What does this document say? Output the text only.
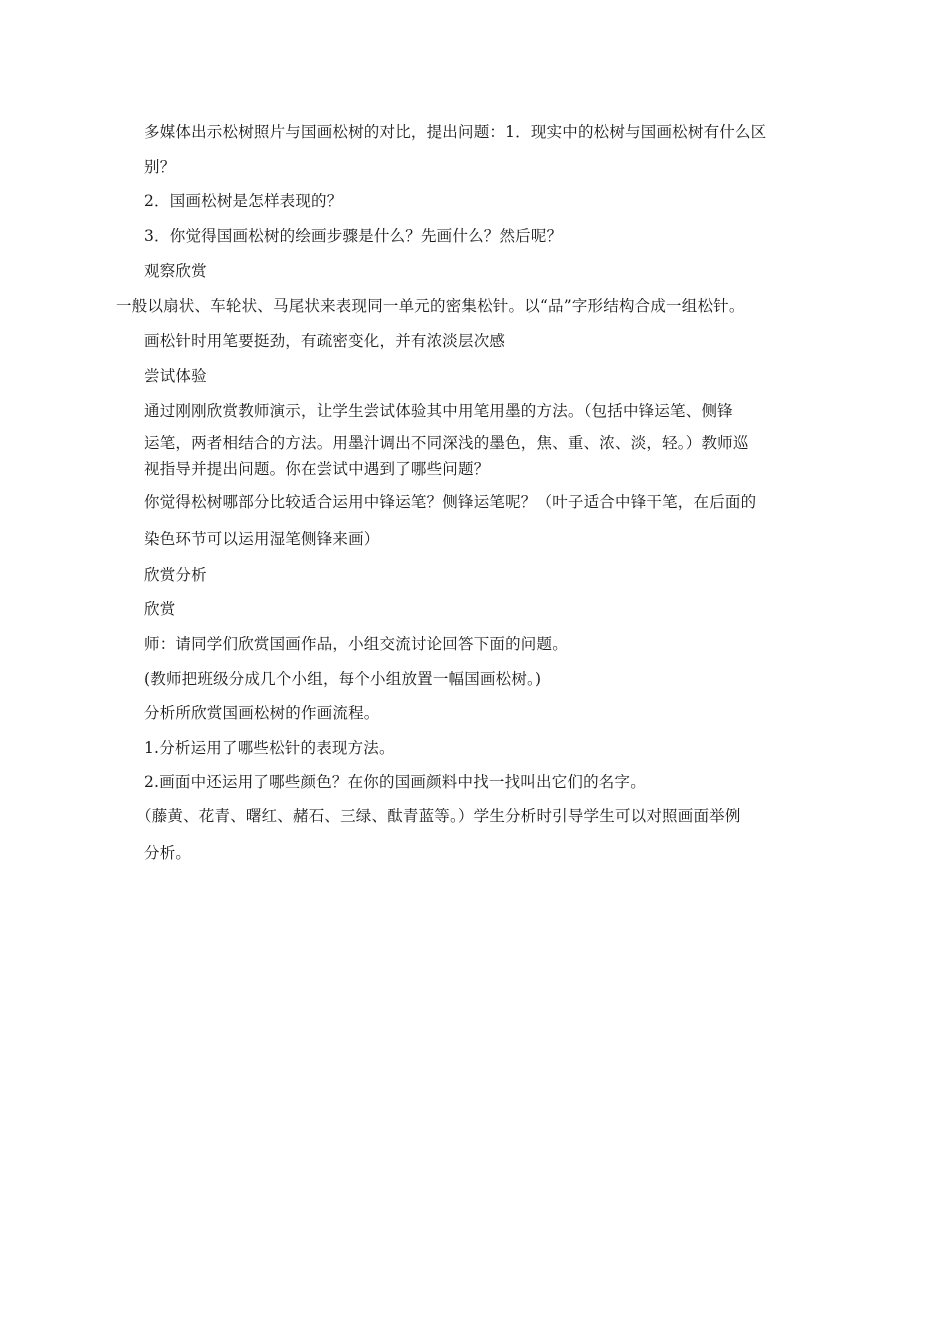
多媒体出示松树照片与国画松树的对比，提出问题：1．现实中的松树与国画松树有什么区
别？
2．国画松树是怎样表现的？
3．你觉得国画松树的绘画步骤是什么？先画什么？然后呢？
观察欣赏
一般以扇状、车轮状、马尾状来表现同一单元的密集松针。以“品”字形结构合成一组松针。
画松针时用笔要挺劲，有疏密变化，并有浓淡层次感
尝试体验
通过刚刚欣赏教师演示，让学生尝试体验其中用笔用墨的方法。（包括中锋运笔、侧锋
运笔，两者相结合的方法。用墨汁调出不同深浅的墨色，焦、重、浓、淡，轻。）教师巡
视指导并提出问题。你在尝试中遇到了哪些问题？
你觉得松树哪部分比较适合运用中锋运笔？侧锋运笔呢？（叶子适合中锋干笔，在后面的
染色环节可以运用湿笔侧锋来画）
欣赏分析
欣赏
师：请同学们欣赏国画作品，小组交流讨论回答下面的问题。
(教师把班级分成几个小组，每个小组放置一幅国画松树。)
分析所欣赏国画松树的作画流程。
1.分析运用了哪些松针的表现方法。
2.画面中还运用了哪些颜色？在你的国画颜料中找一找叫出它们的名字。
（藤黄、花青、曙红、赭石、三绿、酞青蓝等。）学生分析时引导学生可以对照画面举例
分析。
